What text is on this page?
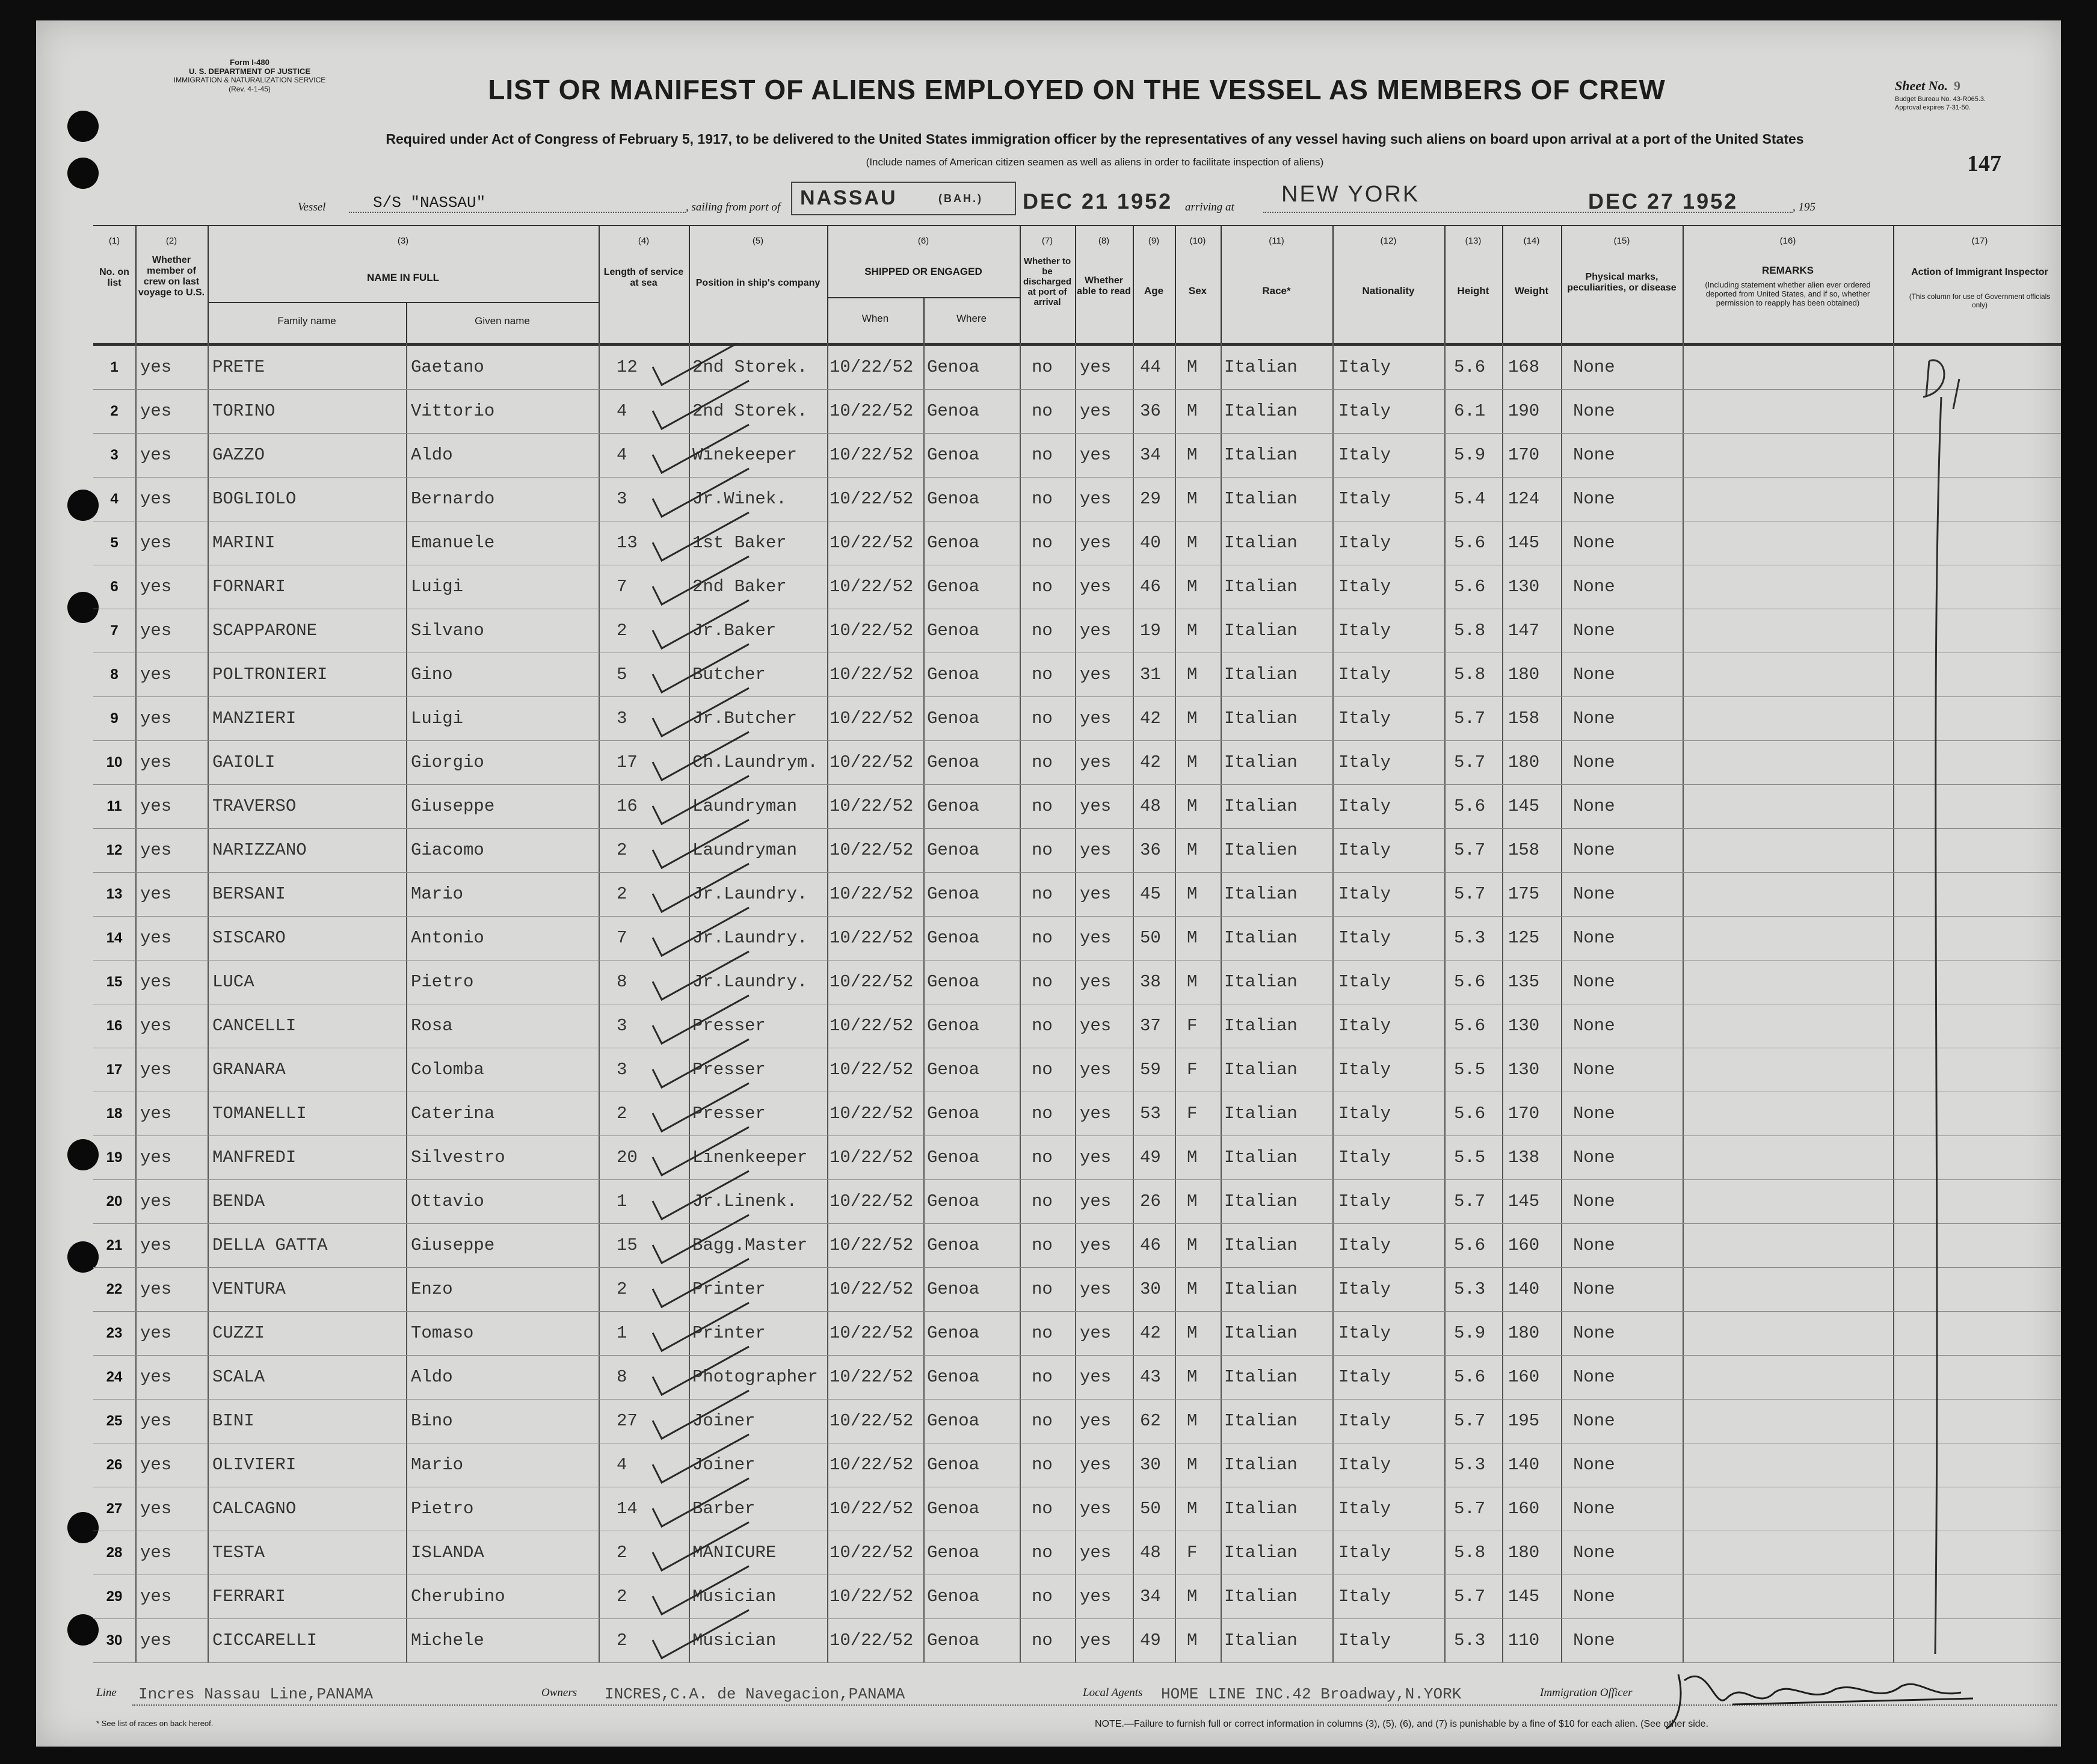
Form I-480
U. S. DEPARTMENT OF JUSTICE
IMMIGRATION & NATURALIZATION SERVICE
(Rev. 4-1-45)	LIST OR MANIFEST OF ALIENS EMPLOYED ON THE VESSEL AS MEMBERS OF CREW	Sheet No. 9
Budget Bureau No. 43-R065.3.
Approval expires 7-31-50.
Required under Act of Congress of February 5, 1917, to be delivered to the United States immigration officer by the representatives of any vessel having such aliens on board upon arrival at a port of the United States
(Include names of American citizen seamen as well as aliens in order to facilitate inspection of aliens)	147
Vessel	S/S "NASSAU"	, sailing from port of NASSAU	(BAH.) DEC 21 1952 arriving at
NEW YORK	DEC 27 1952	, 195
(1)
No. on list
(2)
Whether member of crew on last voyage to U.S.
(3)
NAME IN FULL
Family name	Given name
(4)
Length of service at sea
(5)
Position in ship's company
(6)
SHIPPED OR ENGAGED
When	Where
(7)
Whether to be discharged at port of arrival
(8)
Whether able to read
(9)
Age
(10)
Sex
(11)
Race*
(12)
Nationality
(13)
Height
(14)
Weight
(15)
Physical marks, peculiarities, or disease
(16)
REMARKS
(Including statement whether alien ever ordered deported from United States, and if so, whether permission to reapply has been obtained)
(17)
Action of Immigrant Inspector
(This column for use of Government officials only)
1	yes	PRETE	Gaetano	12	2nd Storek.	10/22/52 Genoa	no	yes	44	M	Italian	Italy	5.6	168	None
2	yes	TORINO	Vittorio	4	2nd Storek.	10/22/52 Genoa	no	yes	36	M	Italian	Italy	6.1	190	None
3	yes	GAZZO	Aldo	4	Winekeeper	10/22/52 Genoa	no	yes	34	M	Italian	Italy	5.9	170	None
4	yes	BOGLIOLO	Bernardo	3	Jr.Winek.	10/22/52 Genoa	no	yes	29	M	Italian	Italy	5.4	124	None
5	yes	MARINI	Emanuele	13	1st Baker	10/22/52 Genoa	no	yes	40	M	Italian	Italy	5.6	145	None
6	yes	FORNARI	Luigi	7	2nd Baker	10/22/52 Genoa	no	yes	46	M	Italian	Italy	5.6	130	None
7	yes	SCAPPARONE	Silvano	2	Jr.Baker	10/22/52 Genoa	no	yes	19	M	Italian	Italy	5.8	147	None
8	yes	POLTRONIERI	Gino	5	Butcher	10/22/52 Genoa	no	yes	31	M	Italian	Italy	5.8	180	None
9	yes	MANZIERI	Luigi	3	Jr.Butcher	10/22/52 Genoa	no	yes	42	M	Italian	Italy	5.7	158	None
10	yes	GAIOLI	Giorgio	17	Ch.Laundrym. 10/22/52 Genoa	no	yes	42	M	Italian	Italy	5.7	180	None
11	yes	TRAVERSO	Giuseppe	16	Laundryman	10/22/52 Genoa	no	yes	48	M	Italian	Italy	5.6	145	None
12	yes	NARIZZANO	Giacomo	2	Laundryman	10/22/52 Genoa	no	yes	36	M	Italien	Italy	5.7	158	None
13	yes	BERSANI	Mario	2	Jr.Laundry.	10/22/52 Genoa	no	yes	45	M	Italian	Italy	5.7	175	None
14	yes	SISCARO	Antonio	7	Jr.Laundry.	10/22/52 Genoa	no	yes	50	M	Italian	Italy	5.3	125	None
15	yes	LUCA	Pietro	8	Jr.Laundry.	10/22/52 Genoa	no	yes	38	M	Italian	Italy	5.6	135	None
16	yes	CANCELLI	Rosa	3	Presser	10/22/52 Genoa	no	yes	37	F	Italian	Italy	5.6	130	None
17	yes	GRANARA	Colomba	3	Presser	10/22/52 Genoa	no	yes	59	F	Italian	Italy	5.5	130	None
18	yes	TOMANELLI	Caterina	2	Presser	10/22/52 Genoa	no	yes	53	F	Italian	Italy	5.6	170	None
19	yes	MANFREDI	Silvestro	20	Linenkeeper	10/22/52 Genoa	no	yes	49	M	Italian	Italy	5.5	138	None
20	yes	BENDA	Ottavio	1	Jr.Linenk.	10/22/52 Genoa	no	yes	26	M	Italian	Italy	5.7	145	None
21	yes	DELLA GATTA	Giuseppe	15	Bagg.Master	10/22/52 Genoa	no	yes	46	M	Italian	Italy	5.6	160	None
22	yes	VENTURA	Enzo	2	Printer	10/22/52 Genoa	no	yes	30	M	Italian	Italy	5.3	140	None
23	yes	CUZZI	Tomaso	1	Printer	10/22/52 Genoa	no	yes	42	M	Italian	Italy	5.9	180	None
24	yes	SCALA	Aldo	8	Photographer 10/22/52 Genoa	no	yes	43	M	Italian	Italy	5.6	160	None
25	yes	BINI	Bino	27	Joiner	10/22/52 Genoa	no	yes	62	M	Italian	Italy	5.7	195	None
26	yes	OLIVIERI	Mario	4	Joiner	10/22/52 Genoa	no	yes	30	M	Italian	Italy	5.3	140	None
27	yes	CALCAGNO	Pietro	14	Barber	10/22/52 Genoa	no	yes	50	M	Italian	Italy	5.7	160	None
28	yes	TESTA	ISLANDA	2	MANICURE	10/22/52 Genoa	no	yes	48	F	Italian	Italy	5.8	180	None
29	yes	FERRARI	Cherubino	2	Musician	10/22/52 Genoa	no	yes	34	M	Italian	Italy	5.7	145	None
30	yes	CICCARELLI	Michele	2	Musician	10/22/52 Genoa	no	yes	49	M	Italian	Italy	5.3	110	None
Line Incres Nassau Line,PANAMA	Owners INCRES,C.A. de Navegacion,PANAMA	Local Agents HOME LINE INC.42 Broadway,N.YORK	Immigration Officer
* See list of races on back hereof.	NOTE.—Failure to furnish full or correct information in columns (3), (5), (6), and (7) is punishable by a fine of $10 for each alien. (See other side.
